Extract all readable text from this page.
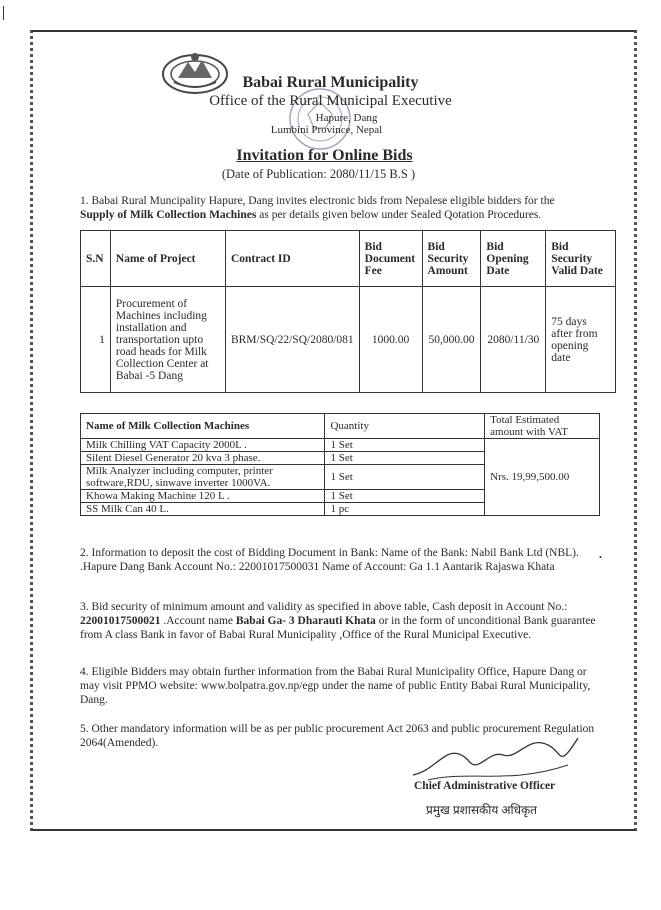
Babai Rural Municipality
Office of the Rural Municipal Executive
Hapure, Dang
Lumbini Province, Nepal
Invitation for Online Bids
(Date of Publication: 2080/11/15 B.S )
1. Babai Rural Muncipality Hapure, Dang invites electronic bids from Nepalese eligible bidders for the
Supply of Milk Collection Machines as per details given below under Sealed Qotation Procedures.
S.N	Name of Project	Contract ID	Bid Document Fee	Bid Security Amount	Bid Opening Date	Bid Security Valid Date
1	Procurement of Machines including installation and transportation upto road heads for Milk Collection Center at Babai -5 Dang	BRM/SQ/22/SQ/2080/081	1000.00	50,000.00	2080/11/30	75 days after from opening date
Name of Milk Collection Machines	Quantity	Total Estimated amount with VAT
Milk Chilling VAT Capacity 2000L .	1 Set	Nrs. 19,99,500.00
Silent Diesel Generator 20 kva 3 phase.	1 Set	
Milk Analyzer including computer, printer software,RDU, sinwave inverter 1000VA.	1 Set	
Khowa Making Machine 120 L .	1 Set	
SS Milk Can 40 L.	1 pc	
2. Information to deposit the cost of Bidding Document in Bank: Name of the Bank: Nabil Bank Ltd (NBL). .Hapure Dang Bank Account No.: 22001017500031 Name of Account: Ga 1.1 Aantarik Rajaswa Khata
•
3. Bid security of minimum amount and validity as specified in above table, Cash deposit in Account No.:
22001017500021 .Account name Babai Ga- 3 Dharauti Khata or in the form of unconditional Bank guarantee from A class Bank in favor of Babai Rural Municipality ,Office of the Rural Municipal Executive.
4. Eligible Bidders may obtain further information from the Babai Rural Municipality Office, Hapure Dang or may visit PPMO website: www.bolpatra.gov.np/egp under the name of public Entity Babai Rural Municipality, Dang.
5. Other mandatory information will be as per public procurement Act 2063 and public procurement Regulation 2064(Amended).
Chief Administrative Officer
प्रमुख प्रशासकीय अधिकृत
